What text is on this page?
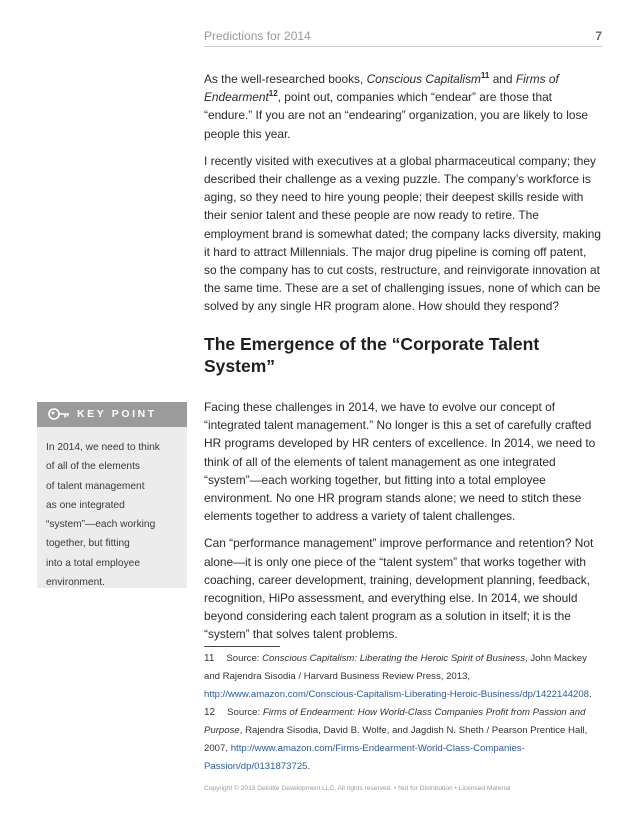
Predictions for 2014	7

As the well-researched books, Conscious Capitalism$^{11}$ and Firms of Endearment$^{12}$, point out, companies which “endear” are those that “endure.” If you are not an “endearing” organization, you are likely to lose people this year.

I recently visited with executives at a global pharmaceutical company; they described their challenge as a vexing puzzle. The company’s workforce is aging, so they need to hire young people; their deepest skills reside with their senior talent and these people are now ready to retire. The employment brand is somewhat dated; the company lacks diversity, making it hard to attract Millennials. The major drug pipeline is coming off patent, so the company has to cut costs, restructure, and reinvigorate innovation at the same time. These are a set of challenging issues, none of which can be solved by any single HR program alone. How should they respond?

The Emergence of the “Corporate Talent System”

Facing these challenges in 2014, we have to evolve our concept of “integrated talent management.” No longer is this a set of carefully crafted HR programs developed by HR centers of excellence. In 2014, we need to think of all of the elements of talent management as one integrated “system”—each working together, but fitting into a total employee environment. No one HR program stands alone; we need to stitch these elements together to address a variety of talent challenges.

Can “performance management” improve performance and retention? Not alone—it is only one piece of the “talent system” that works together with coaching, career development, training, development planning, feedback, recognition, HiPo assessment, and everything else. In 2014, we should beyond considering each talent program as a solution in itself; it is the “system” that solves talent problems.

KEY POINT
In 2014, we need to think
of all of the elements
of talent management
as one integrated
“system”—each working
together, but fitting
into a total employee
environment.

11 Source: Conscious Capitalism: Liberating the Heroic Spirit of Business, John Mackey and Rajendra Sisodia / Harvard Business Review Press, 2013, http://www.amazon.com/Conscious-Capitalism-Liberating-Heroic-Business/dp/1422144208.

12 Source: Firms of Endearment: How World-Class Companies Profit from Passion and Purpose, Rajendra Sisodia, David B. Wolfe, and Jagdish N. Sheth / Pearson Prentice Hall, 2007, http://www.amazon.com/Firms-Endearment-World-Class-Companies-Passion/dp/0131873725.

Copyright © 2013 Deloitte Development LLC. All rights reserved. • Not for Distribution • Licensed Material
